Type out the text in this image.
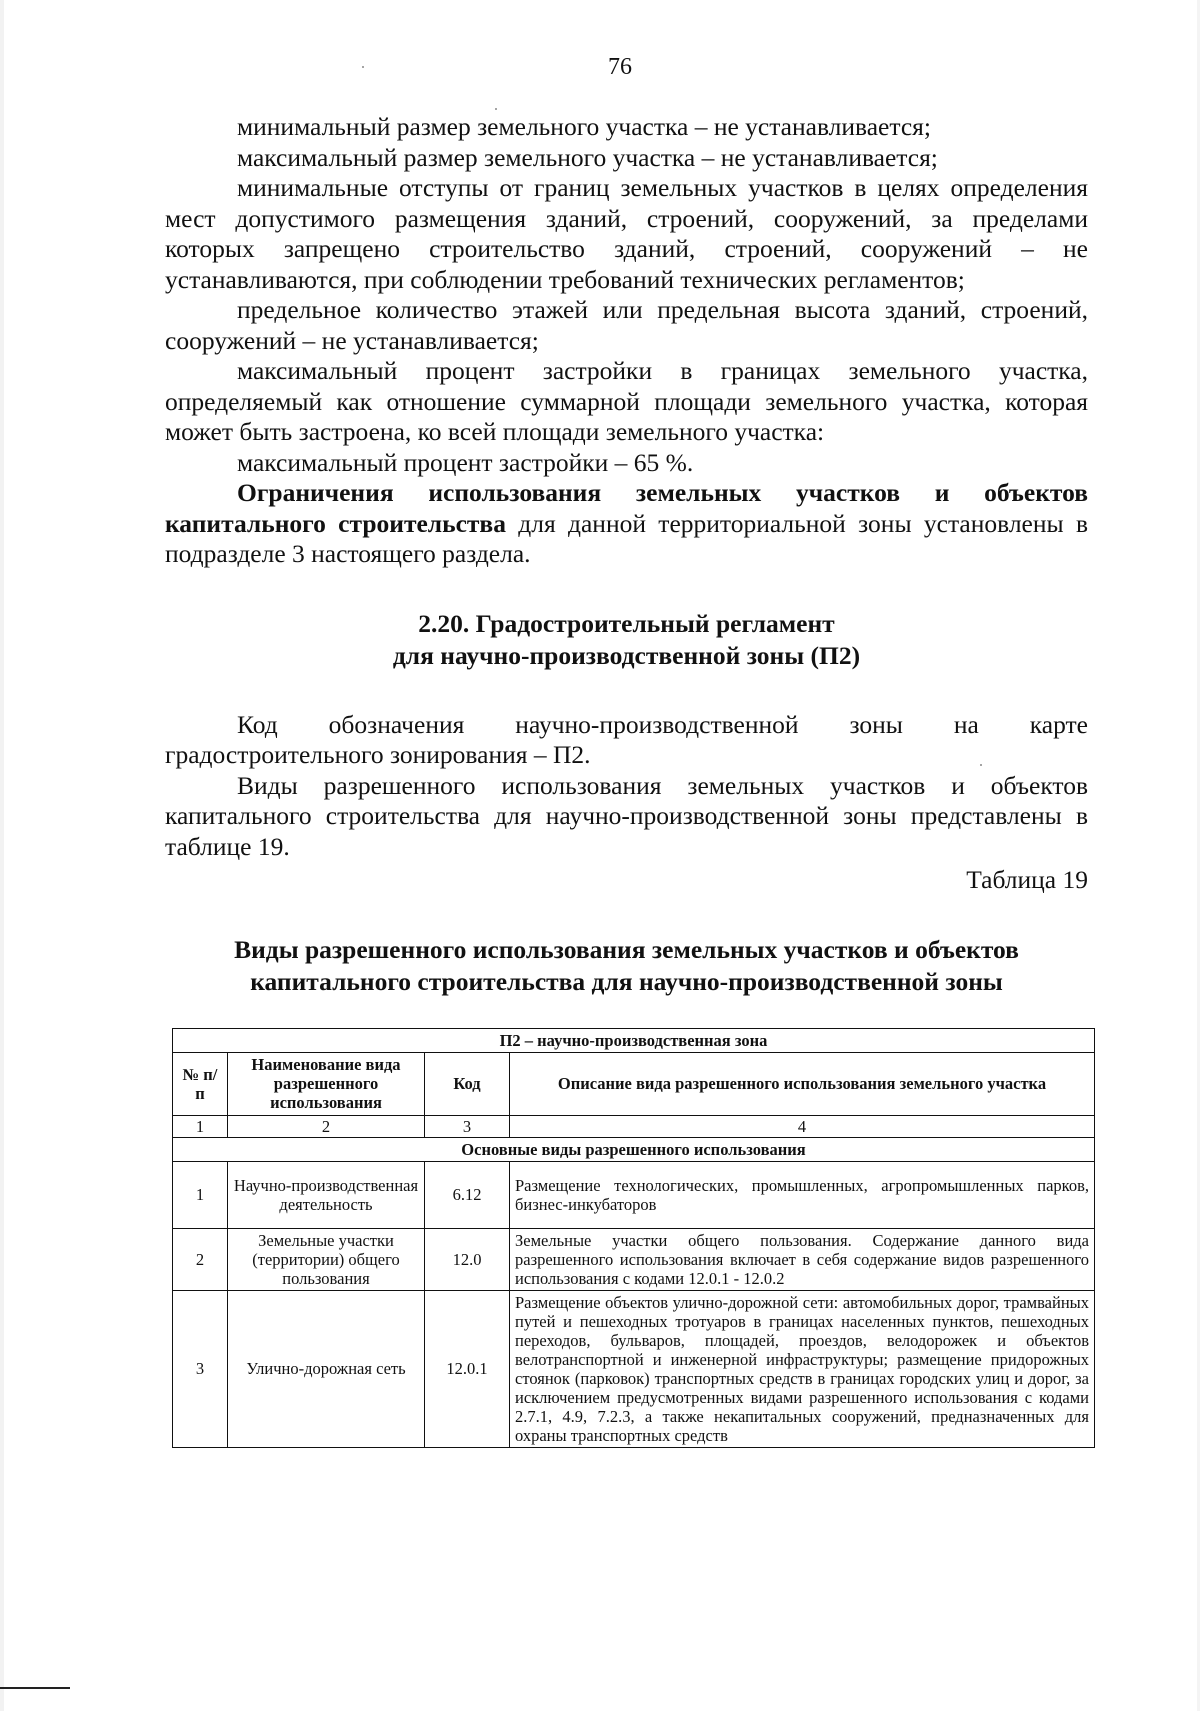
76

минимальный размер земельного участка – не устанавливается;

максимальный размер земельного участка – не устанавливается;

минимальные отступы от границ земельных участков в целях определения мест допустимого размещения зданий, строений, сооружений, за пределами которых запрещено строительство зданий, строений, сооружений – не устанавливаются, при соблюдении требований технических регламентов;

предельное количество этажей или предельная высота зданий, строений, сооружений – не устанавливается;

максимальный процент застройки в границах земельного участка, определяемый как отношение суммарной площади земельного участка, которая может быть застроена, ко всей площади земельного участка:

максимальный процент застройки – 65 %.

Ограничения использования земельных участков и объектов капитального строительства для данной территориальной зоны установлены в подразделе 3 настоящего раздела.

2.20. Градостроительный регламент
для научно-производственной зоны (П2)

Код обозначения научно-производственной зоны на карте градостроительного зонирования – П2.

Виды разрешенного использования земельных участков и объектов капитального строительства для научно-производственной зоны представлены в таблице 19.

Таблица 19
Виды разрешенного использования земельных участков и объектов
капитального строительства для научно-производственной зоны
П2 – научно-производственная зона			
№ п/п	Наименование вида разрешенного использования	Код	Описание вида разрешенного использования земельного участка
1	2	3	4
Основные виды разрешенного использования			
1	Научно-производственная деятельность	6.12	Размещение технологических, промышленных, агропромышленных парков, бизнес-инкубаторов
2	Земельные участки (территории) общего пользования	12.0	Земельные участки общего пользования. Содержание данного вида разрешенного использования включает в себя содержание видов разрешенного использования с кодами 12.0.1 - 12.0.2
3	Улично-дорожная сеть	12.0.1	Размещение объектов улично-дорожной сети: автомобильных дорог, трамвайных путей и пешеходных тротуаров в границах населенных пунктов, пешеходных переходов, бульваров, площадей, проездов, велодорожек и объектов велотранспортной и инженерной инфраструктуры; размещение придорожных стоянок (парковок) транспортных средств в границах городских улиц и дорог, за исключением предусмотренных видами разрешенного использования с кодами 2.7.1, 4.9, 7.2.3, а также некапитальных сооружений, предназначенных для охраны транспортных средств
